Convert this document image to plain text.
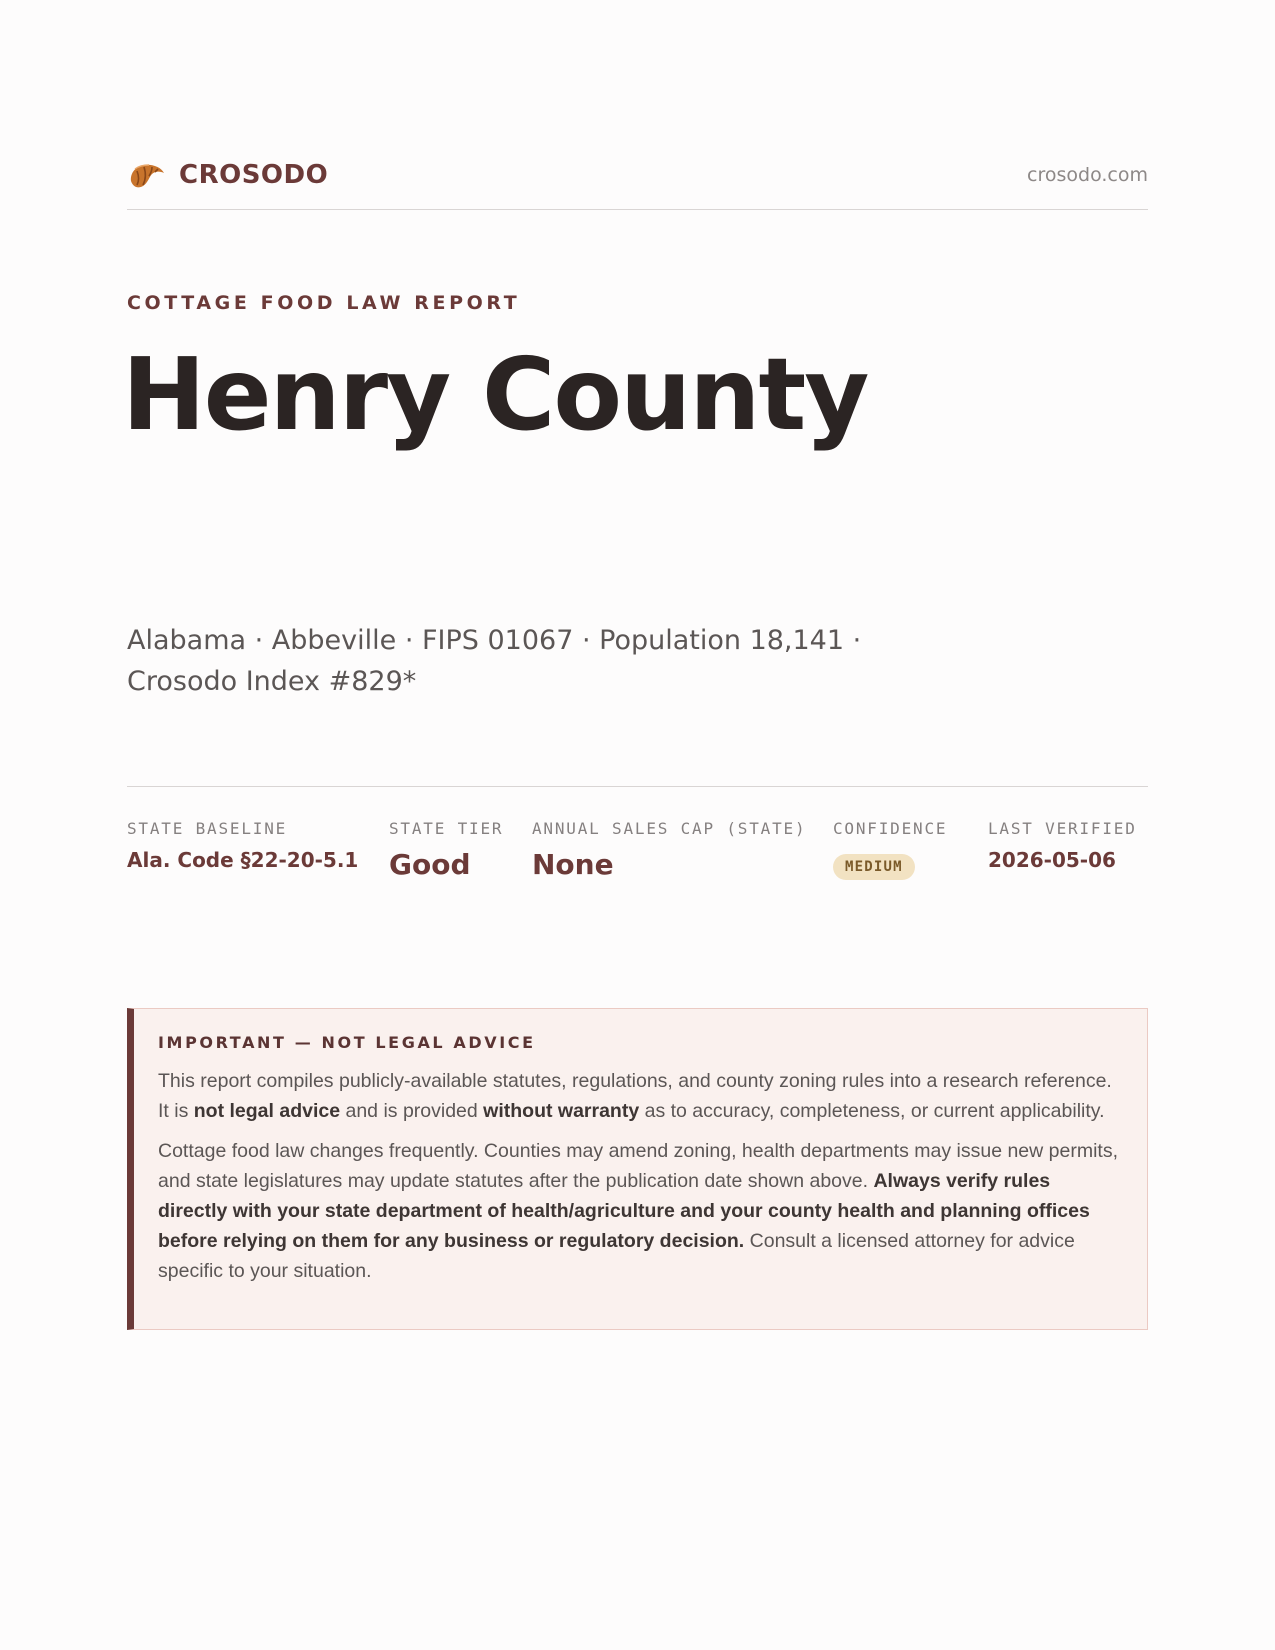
CROSODO	crosodo.com
COTTAGE FOOD LAW REPORT
Henry County
Alabama · Abbeville · FIPS 01067 · Population 18,141 ·
Crosodo Index #829*
STATE BASELINE
Ala. Code §22-20-5.1
STATE TIER
Good
ANNUAL SALES CAP (STATE)
None
CONFIDENCE
MEDIUM
LAST VERIFIED
2026-05-06
IMPORTANT — NOT LEGAL ADVICE

This report compiles publicly-available statutes, regulations, and county zoning rules into a research reference. It is not legal advice and is provided without warranty as to accuracy, completeness, or current applicability.

Cottage food law changes frequently. Counties may amend zoning, health departments may issue new permits, and state legislatures may update statutes after the publication date shown above. Always verify rules directly with your state department of health/agriculture and your county health and planning offices before relying on them for any business or regulatory decision. Consult a licensed attorney for advice specific to your situation.
